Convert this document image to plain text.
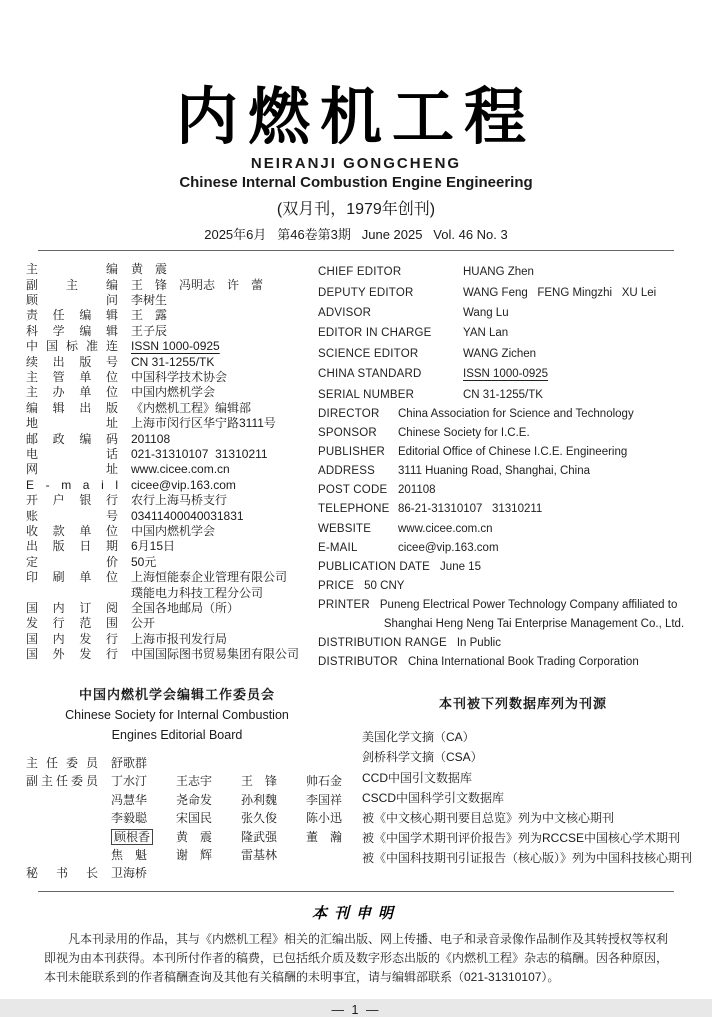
内燃机工程
NEIRANJI GONGCHENG
Chinese Internal Combustion Engine Engineering
(双月刊，1979年创刊)
2025年6月   第46卷第3期   June 2025   Vol. 46 No. 3
主 编 黄　震
副 主 编 王　锋　冯明志　许　蕾
顾 问 李树生
责 任 编 辑 王　露
科 学 编 辑 王子辰
中国标准连 ISSN 1000-0925
续 出 版 号 CN 31-1255/TK
主 管 单 位 中国科学技术协会
主 办 单 位 中国内燃机学会
编 辑 出 版 《内燃机工程》编辑部
地 址 上海市闵行区华宁路3111号
邮 政 编 码 201108
电 话 021-31310107  31310211
网 址 www.cicee.com.cn
E - m a i l cicee@vip.163.com
开 户 银 行 农行上海马桥支行
账 号 03411400040031831
收 款 单 位 中国内燃机学会
出 版 日 期 6月15日
定 价 50元
印 刷 单 位 上海恒能泰企业管理有限公司
璞能电力科技工程分公司
国 内 订 阅 全国各地邮局（所）
发 行 范 围 公开
国 内 发 行 上海市报刊发行局
国 外 发 行 中国国际图书贸易集团有限公司
CHIEF EDITOR	HUANG Zhen
DEPUTY EDITOR	WANG Feng   FENG Mingzhi   XU Lei
ADVISOR	Wang Lu
EDITOR IN CHARGE	YAN Lan
SCIENCE EDITOR	WANG Zichen
CHINA STANDARD	ISSN 1000-0925
SERIAL NUMBER	CN 31-1255/TK
DIRECTOR	China Association for Science and Technology
SPONSOR	Chinese Society for I.C.E.
PUBLISHER	Editorial Office of Chinese I.C.E. Engineering
ADDRESS	3111 Huaning Road, Shanghai, China
POST CODE 201108
TELEPHONE 86-21-31310107   31310211
WEBSITE	www.cicee.com.cn
E-MAIL	cicee@vip.163.com
PUBLICATION DATE June 15
PRICE 50 CNY
PRINTER Puneng Electrical Power Technology Company affiliated to
Shanghai Heng Neng Tai Enterprise Management Co., Ltd.
DISTRIBUTION RANGE In Public
DISTRIBUTOR China International Book Trading Corporation
中国内燃机学会编辑工作委员会
Chinese Society for Internal Combustion
Engines Editorial Board
主 任 委 员 舒歌群
副主任委员 丁水汀	王志宇	王　锋	帅石金
冯慧华	尧命发	孙利魏	李国祥
李毅聪	宋国民	张久俊	陈小迅
顾根香	黄　震	隆武强	董　瀚
焦　魁	谢　辉	雷基林
秘 书 长 卫海桥
本刊被下列数据库列为刊源
美国化学文摘（CA）
剑桥科学文摘（CSA）
CCD中国引文数据库
CSCD中国科学引文数据库
被《中文核心期刊要目总览》列为中文核心期刊
被《中国学术期刊评价报告》列为RCCSE中国核心学术期刊
被《中国科技期刊引证报告（核心版）》列为中国科技核心期刊
本刊申明
凡本刊录用的作品，其与《内燃机工程》相关的汇编出版、网上传播、电子和录音录像作品制作及其转授权等权利即视为由本刊获得。本刊所付作者的稿费，已包括纸介质及数字形态出版的《内燃机工程》杂志的稿酬。因各种原因，本刊未能联系到的作者稿酬查询及其他有关稿酬的未明事宜，请与编辑部联系（021-31310107）。
— 1 —
